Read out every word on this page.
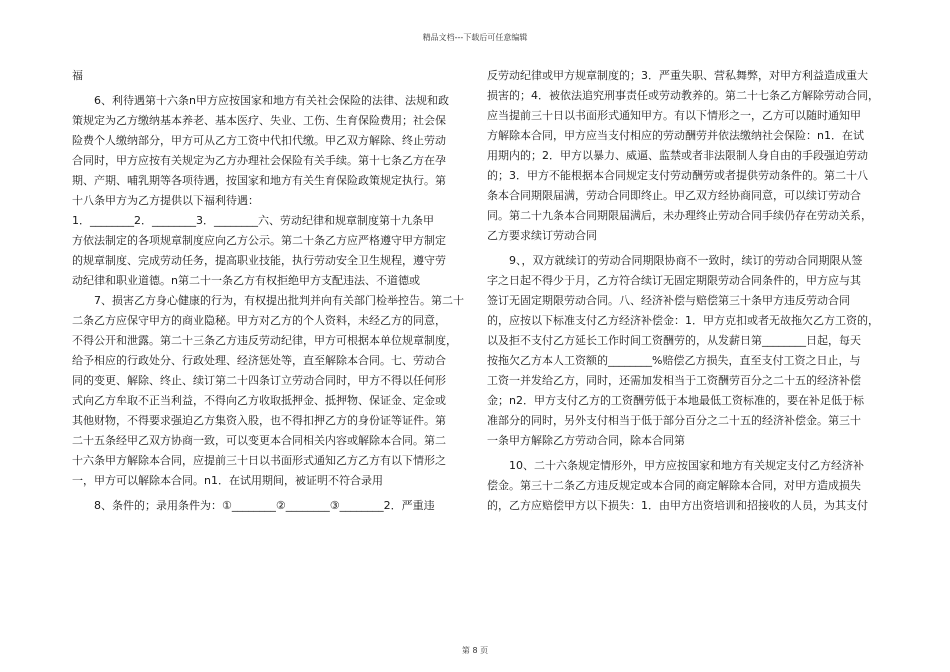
精品文档---下载后可任意编辑

福

6、利待遇第十六条n甲方应按国家和地方有关社会保险的法律、法规和政
策规定为乙方缴纳基本养老、基本医疗、失业、工伤、生育保险费用；社会保
险费个人缴纳部分，甲方可从乙方工资中代扣代缴。甲乙双方解除、终止劳动
合同时，甲方应按有关规定为乙方办理社会保险有关手续。第十七条乙方在孕
期、产期、哺乳期等各项待遇，按国家和地方有关生育保险政策规定执行。第
十八条甲方为乙方提供以下福利待遇：
1．________2．________3．________六、劳动纪律和规章制度第十九条甲
方依法制定的各项规章制度应向乙方公示。第二十条乙方应严格遵守甲方制定
的规章制度、完成劳动任务，提高职业技能，执行劳动安全卫生规程，遵守劳
动纪律和职业道德。n第二十一条乙方有权拒绝甲方支配违法、不道德或
7、损害乙方身心健康的行为，有权提出批判并向有关部门检举控告。第二十
二条乙方应保守甲方的商业隐秘。甲方对乙方的个人资料，未经乙方的同意，
不得公开和泄露。第二十三条乙方违反劳动纪律，甲方可根据本单位规章制度，
给予相应的行政处分、行政处理、经济惩处等，直至解除本合同。七、劳动合
同的变更、解除、终止、续订第二十四条订立劳动合同时，甲方不得以任何形
式向乙方牟取不正当利益，不得向乙方收取抵押金、抵押物、保证金、定金或
其他财物，不得要求强迫乙方集资入股，也不得扣押乙方的身份证等证件。第
二十五条经甲乙双方协商一致，可以变更本合同相关内容或解除本合同。第二
十六条甲方解除本合同，应提前三十日以书面形式通知乙方乙方有以下情形之
一，甲方可以解除本合同。n1．在试用期间，被证明不符合录用

8、条件的；录用条件为：①________②________③________2．严重违

反劳动纪律或甲方规章制度的；3．严重失职、营私舞弊，对甲方利益造成重大
损害的；4．被依法追究刑事责任或劳动教养的。第二十七条乙方解除劳动合同，
应当提前三十日以书面形式通知甲方。有以下情形之一，乙方可以随时通知甲
方解除本合同，甲方应当支付相应的劳动酬劳并依法缴纳社会保险：n1．在试
用期内的；2．甲方以暴力、威逼、监禁或者非法限制人身自由的手段强迫劳动
的；3．甲方不能根据本合同规定支付劳动酬劳或者提供劳动条件的。第二十八
条本合同期限届满，劳动合同即终止。甲乙双方经协商同意，可以续订劳动合
同。第二十九条本合同期限届满后，未办理终止劳动合同手续仍存在劳动关系，
乙方要求续订劳动合同

9、，双方就续订的劳动合同期限协商不一致时，续订的劳动合同期限从签
字之日起不得少于月，乙方符合续订无固定期限劳动合同条件的，甲方应与其
签订无固定期限劳动合同。八、经济补偿与赔偿第三十条甲方违反劳动合同
的，应按以下标准支付乙方经济补偿金：1．甲方克扣或者无故拖欠乙方工资的，
以及拒不支付乙方延长工作时间工资酬劳的，从发薪日第________日起，每天
按拖欠乙方本人工资额的________%赔偿乙方损失，直至支付工资之日止，与
工资一并发给乙方，同时，还需加发相当于工资酬劳百分之二十五的经济补偿
金；n2．甲方支付乙方的工资酬劳低于本地最低工资标准的，要在补足低于标
准部分的同时，另外支付相当于低于部分百分之二十五的经济补偿金。第三十
一条甲方解除乙方劳动合同，除本合同第

10、二十六条规定情形外，甲方应按国家和地方有关规定支付乙方经济补
偿金。第三十二条乙方违反规定或本合同的商定解除本合同，对甲方造成损失
的，乙方应赔偿甲方以下损失：1．由甲方出资培训和招接收的人员，为其支付

第 8 页
